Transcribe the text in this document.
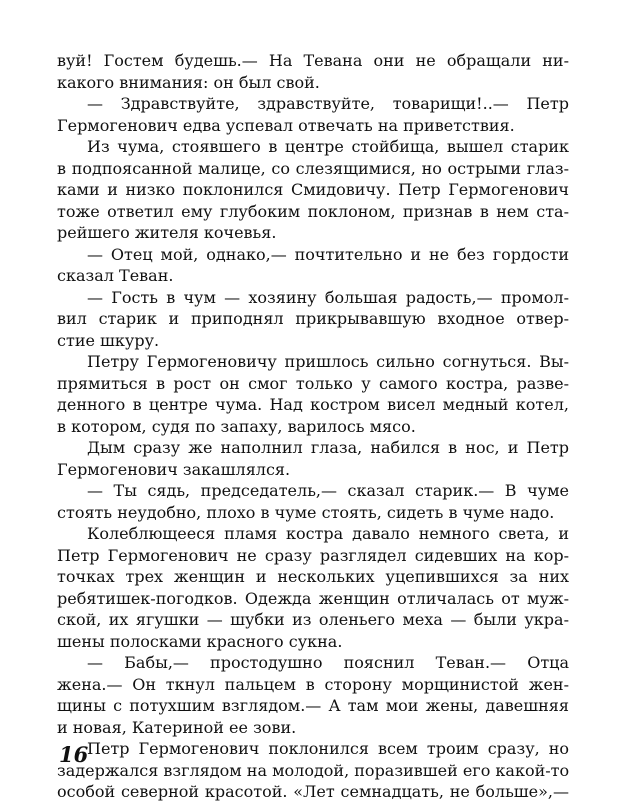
вуй! Гостем будешь.— На Тевана они не обращали ни-
какого внимания: он был свой.
— Здравствуйте, здравствуйте, товарищи!..— Петр
Гермогенович едва успевал отвечать на приветствия.
Из чума, стоявшего в центре стойбища, вышел старик
в подпоясанной малице, со слезящимися, но острыми глаз-
ками и низко поклонился Смидовичу. Петр Гермогенович
тоже ответил ему глубоким поклоном, признав в нем ста-
рейшего жителя кочевья.
— Отец мой, однако,— почтительно и не без гордости
сказал Теван.
— Гость в чум — хозяину большая радость,— промол-
вил старик и приподнял прикрывавшую входное отвер-
стие шкуру.
Петру Гермогеновичу пришлось сильно согнуться. Вы-
прямиться в рост он смог только у самого костра, разве-
денного в центре чума. Над костром висел медный котел,
в котором, судя по запаху, варилось мясо.
Дым сразу же наполнил глаза, набился в нос, и Петр
Гермогенович закашлялся.
— Ты сядь, председатель,— сказал старик.— В чуме
стоять неудобно, плохо в чуме стоять, сидеть в чуме надо.
Колеблющееся пламя костра давало немного света, и
Петр Гермогенович не сразу разглядел сидевших на кор-
точках трех женщин и нескольких уцепившихся за них
ребятишек-погодков. Одежда женщин отличалась от муж-
ской, их ягушки — шубки из оленьего меха — были укра-
шены полосками красного сукна.
— Бабы,— простодушно пояснил Теван.— Отца
жена.— Он ткнул пальцем в сторону морщинистой жен-
щины с потухшим взглядом.— А там мои жены, давешняя
и новая, Катериной ее зови.
Петр Гермогенович поклонился всем троим сразу, но
задержался взглядом на молодой, поразившей его какой-то
особой северной красотой. «Лет семнадцать, не больше»,—
16
